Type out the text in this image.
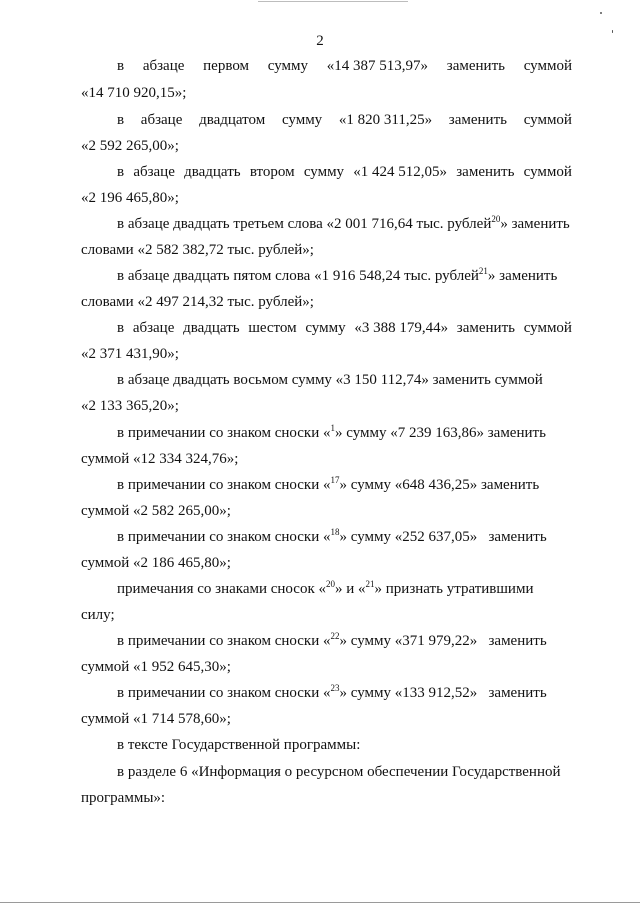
2
в абзаце первом сумму «14 387 513,97» заменить суммой
«14 710 920,15»;
в абзаце двадцатом сумму «1 820 311,25» заменить суммой
«2 592 265,00»;
в абзаце двадцать втором сумму «1 424 512,05» заменить суммой
«2 196 465,80»;
в абзаце двадцать третьем слова «2 001 716,64 тыс. рублей$^{20}$» заменить
словами «2 582 382,72 тыс. рублей»;
в абзаце двадцать пятом слова «1 916 548,24 тыс. рублей$^{21}$» заменить
словами «2 497 214,32 тыс. рублей»;
в абзаце двадцать шестом сумму «3 388 179,44» заменить суммой
«2 371 431,90»;
в абзаце двадцать восьмом сумму «3 150 112,74» заменить суммой
«2 133 365,20»;
в примечании со знаком сноски «$^1$» сумму «7 239 163,86» заменить
суммой «12 334 324,76»;
в примечании со знаком сноски «$^{17}$» сумму «648 436,25» заменить
суммой «2 582 265,00»;
в примечании со знаком сноски «$^{18}$» сумму «252 637,05»   заменить
суммой «2 186 465,80»;
примечания со знаками сносок «$^{20}$» и «$^{21}$» признать утратившими
силу;
в примечании со знаком сноски «$^{22}$» сумму «371 979,22»   заменить
суммой «1 952 645,30»;
в примечании со знаком сноски «$^{23}$» сумму «133 912,52»   заменить
суммой «1 714 578,60»;
в тексте Государственной программы:
в разделе 6 «Информация о ресурсном обеспечении Государственной
программы»:
